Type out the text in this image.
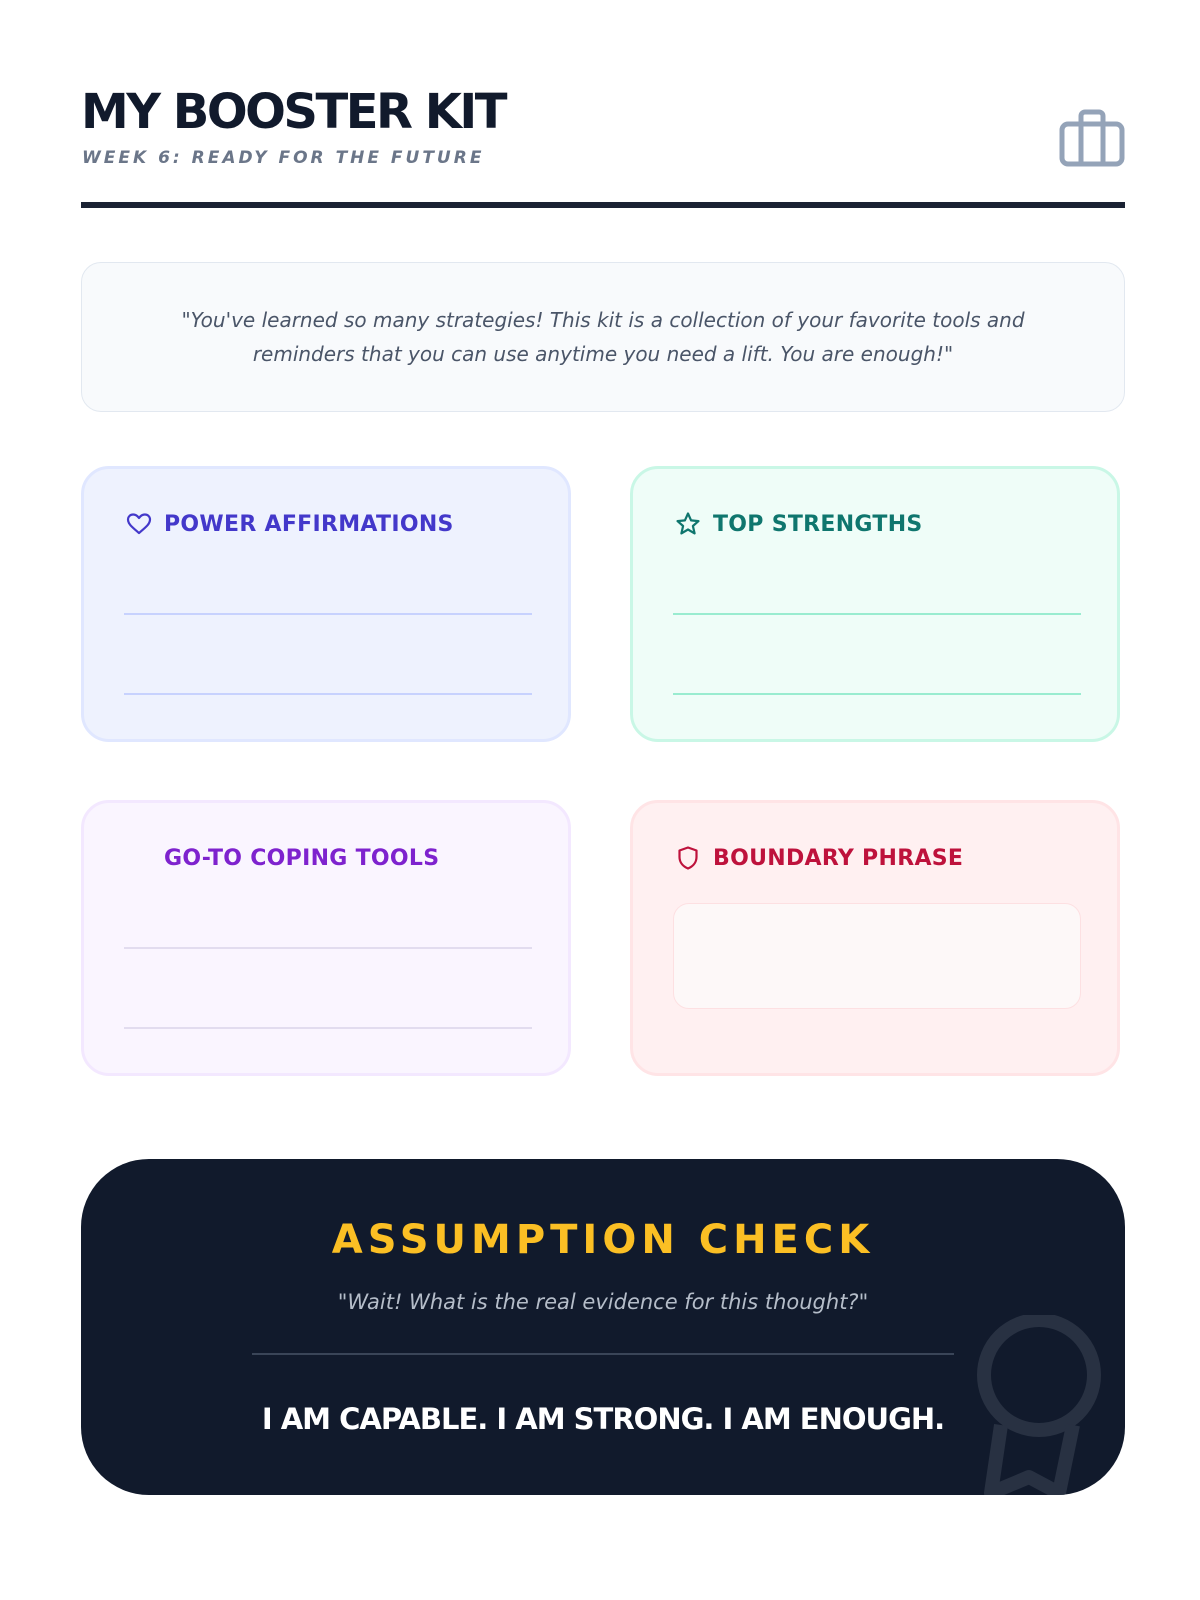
MY BOOSTER KIT
WEEK 6: READY FOR THE FUTURE

"You've learned so many strategies! This kit is a collection of your favorite tools and reminders that you can use anytime you need a lift. You are enough!"

POWER AFFIRMATIONS	TOP STRENGTHS
GO-TO COPING TOOLS	BOUNDARY PHRASE
ASSUMPTION CHECK
"Wait! What is the real evidence for this thought?"
I AM CAPABLE. I AM STRONG. I AM ENOUGH.
